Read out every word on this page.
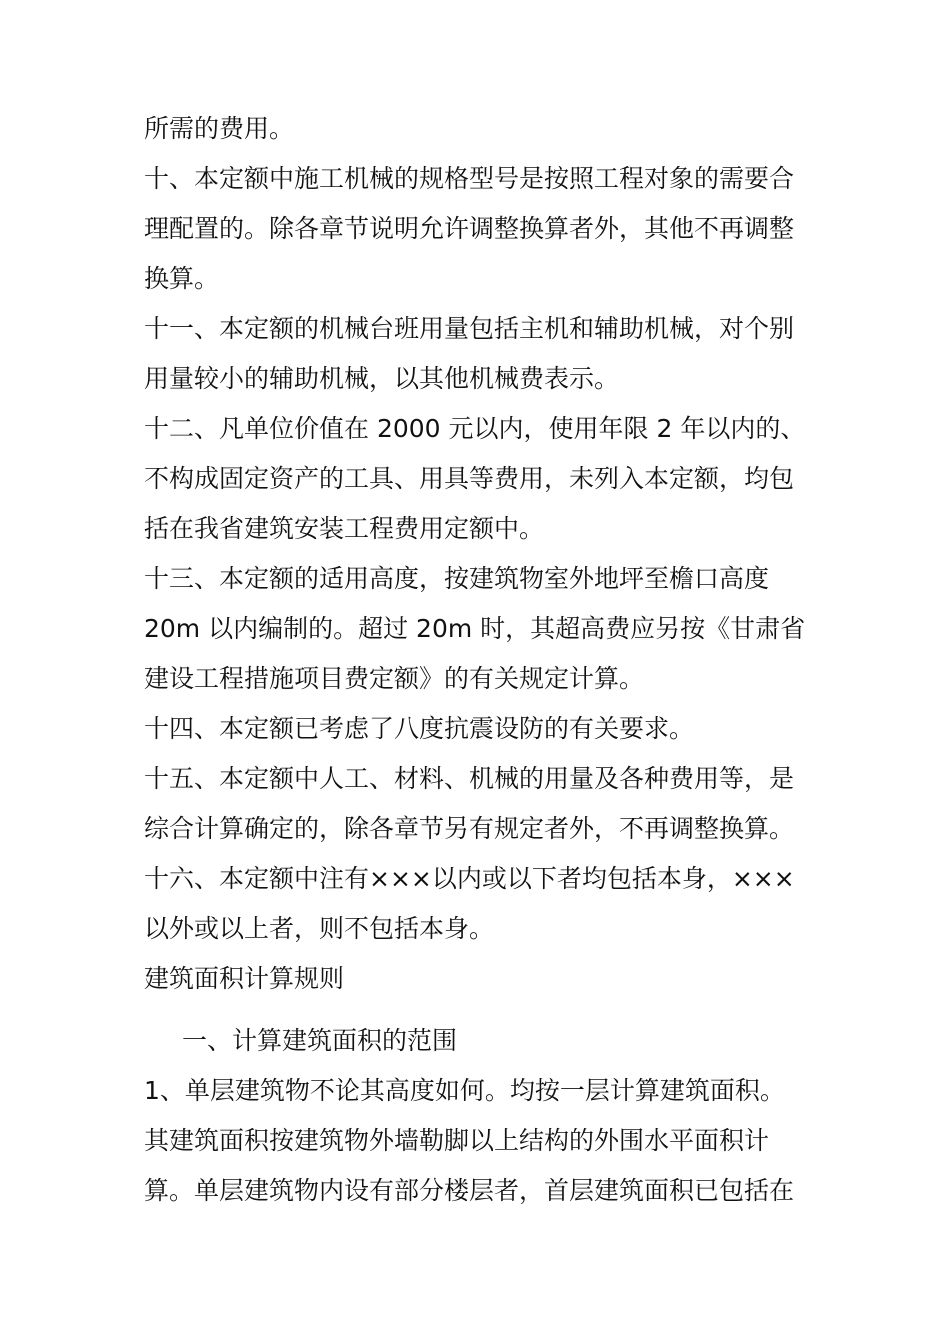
所需的费用。
十、本定额中施工机械的规格型号是按照工程对象的需要合
理配置的。除各章节说明允许调整换算者外，其他不再调整
换算。
十一、本定额的机械台班用量包括主机和辅助机械，对个别
用量较小的辅助机械，以其他机械费表示。
十二、凡单位价值在 2000 元以内，使用年限 2 年以内的、
不构成固定资产的工具、用具等费用，未列入本定额，均包
括在我省建筑安装工程费用定额中。
十三、本定额的适用高度，按建筑物室外地坪至檐口高度
20m 以内编制的。超过 20m 时，其超高费应另按《甘肃省
建设工程措施项目费定额》的有关规定计算。
十四、本定额已考虑了八度抗震设防的有关要求。
十五、本定额中人工、材料、机械的用量及各种费用等，是
综合计算确定的，除各章节另有规定者外，不再调整换算。
十六、本定额中注有×××以内或以下者均包括本身，×××
以外或以上者，则不包括本身。
建筑面积计算规则
一、计算建筑面积的范围
1、单层建筑物不论其高度如何。均按一层计算建筑面积。
其建筑面积按建筑物外墙勒脚以上结构的外围水平面积计
算。单层建筑物内设有部分楼层者，首层建筑面积已包括在
